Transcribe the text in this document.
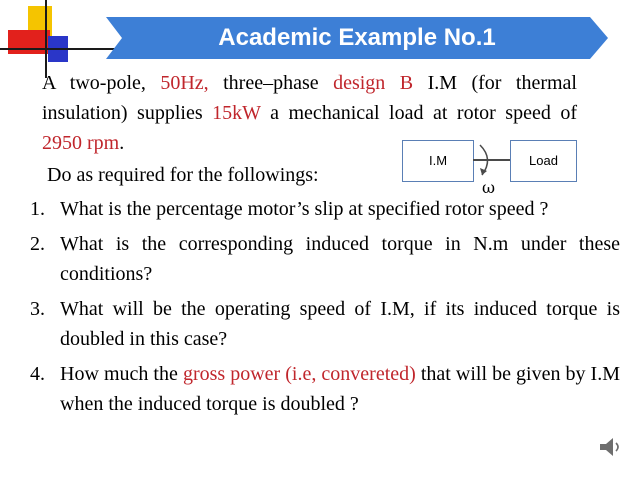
Academic Example No.1
A two-pole, 50Hz, three–phase design B I.M (for thermal insulation) supplies 15kW a mechanical load at rotor speed of 2950 rpm.
Do as required for the followings:
1. What is the percentage motor’s slip at specified rotor speed ?
2. What is the corresponding induced torque in N.m under these conditions?
3. What will be the operating speed of I.M, if its induced torque is doubled in this case?
4. How much the gross power (i.e, convereted) that will be given by I.M when the induced torque is doubled ?
I.M	Load
ω
